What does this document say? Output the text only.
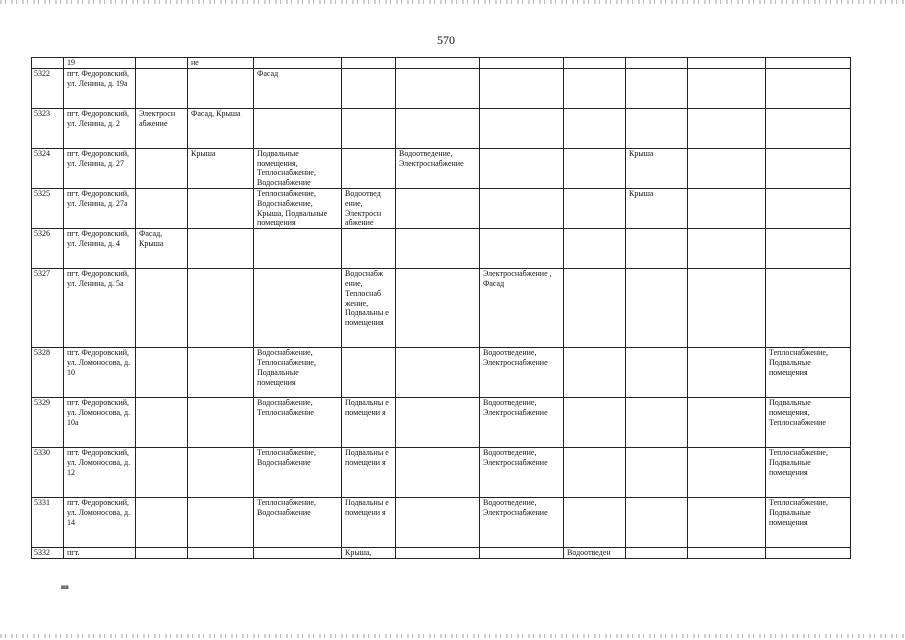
570
	19		не								
5322	пгт. Федоровский, ул. Ленина, д. 19а			Фасад							
5323	пгт. Федоровский, ул. Ленина, д. 2	Электросн абжение	Фасад, Крыша								
5324	пгт. Федоровский, ул. Ленина, д. 27		Крыша	Подвальные помещения, Теплоснабжение, Водоснабжение		Водоотведение, Электроснабжение			Крыша		
5325	пгт. Федоровский, ул. Ленина, д. 27а			Теплоснабжение, Водоснабжение, Крыша, Подвальные помещения	Водоотвед ение, Электросн абжение				Крыша		
5326	пгт. Федоровский, ул. Ленина, д. 4	Фасад, Крыша									
5327	пгт. Федоровский, ул. Ленина, д. 5а				Водоснабж ение, Теплоснаб жение, Подвальны е помещения		Электроснабжение , Фасад				
5328	пгт. Федоровский, ул. Ломоносова, д. 10			Водоснабжение, Теплоснабжение, Подвальные помещения			Водоотведение, Электроснабжение				Теплоснабжение, Подвальные помещения
5329	пгт. Федоровский, ул. Ломоносова, д. 10а			Водоснабжение, Теплоснабжение	Подвальны е помещени я		Водоотведение, Электроснабжение				Подвальные помещения, Теплоснабжение
5330	пгт. Федоровский, ул. Ломоносова, д. 12			Теплоснабжение, Водоснабжение	Подвальны е помещени я		Водоотведение, Электроснабжение				Теплоснабжение, Подвальные помещения
5331	пгт. Федоровский, ул. Ломоносова, д. 14			Теплоснабжение, Водоснабжение	Подвальны е помещени я		Водоотведение, Электроснабжение				Теплоснабжение, Подвальные помещения
5332	пгт.				Крыша,			Водоотведен			
ив
